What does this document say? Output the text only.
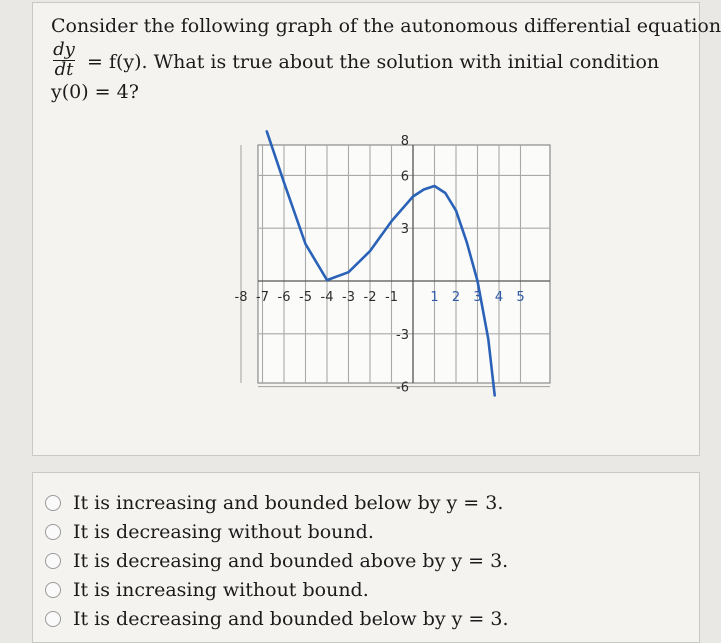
Consider the following graph of the autonomous differential equation
dy
dt = f(y). What is true about the solution with initial condition
y(0) = 4?
-8 -7 -6 -5 -4 -3 -2 -1 1 2 3 4 5
8
6
3
-3
-6
It is increasing and bounded below by y = 3.
It is decreasing without bound.
It is decreasing and bounded above by y = 3.
It is increasing without bound.
It is decreasing and bounded below by y = 3.
